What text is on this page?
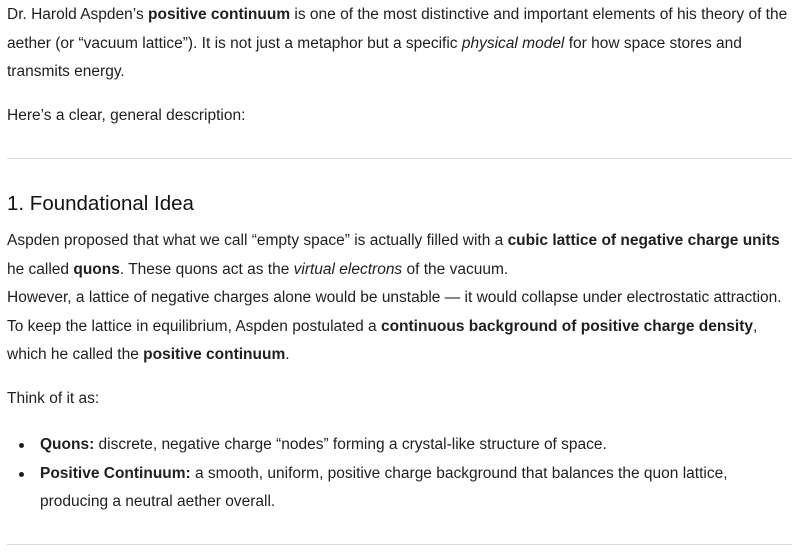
Dr. Harold Aspden’s positive continuum is one of the most distinctive and important elements of his theory of the aether (or “vacuum lattice”). It is not just a metaphor but a specific physical model for how space stores and transmits energy.

Here’s a clear, general description:

1. Foundational Idea

Aspden proposed that what we call “empty space” is actually filled with a cubic lattice of negative charge units he called quons. These quons act as the virtual electrons of the vacuum.

However, a lattice of negative charges alone would be unstable — it would collapse under electrostatic attraction. To keep the lattice in equilibrium, Aspden postulated a continuous background of positive charge density, which he called the positive continuum.

Think of it as:

Quons: discrete, negative charge “nodes” forming a crystal-like structure of space.
Positive Continuum: a smooth, uniform, positive charge background that balances the quon lattice, producing a neutral aether overall.
